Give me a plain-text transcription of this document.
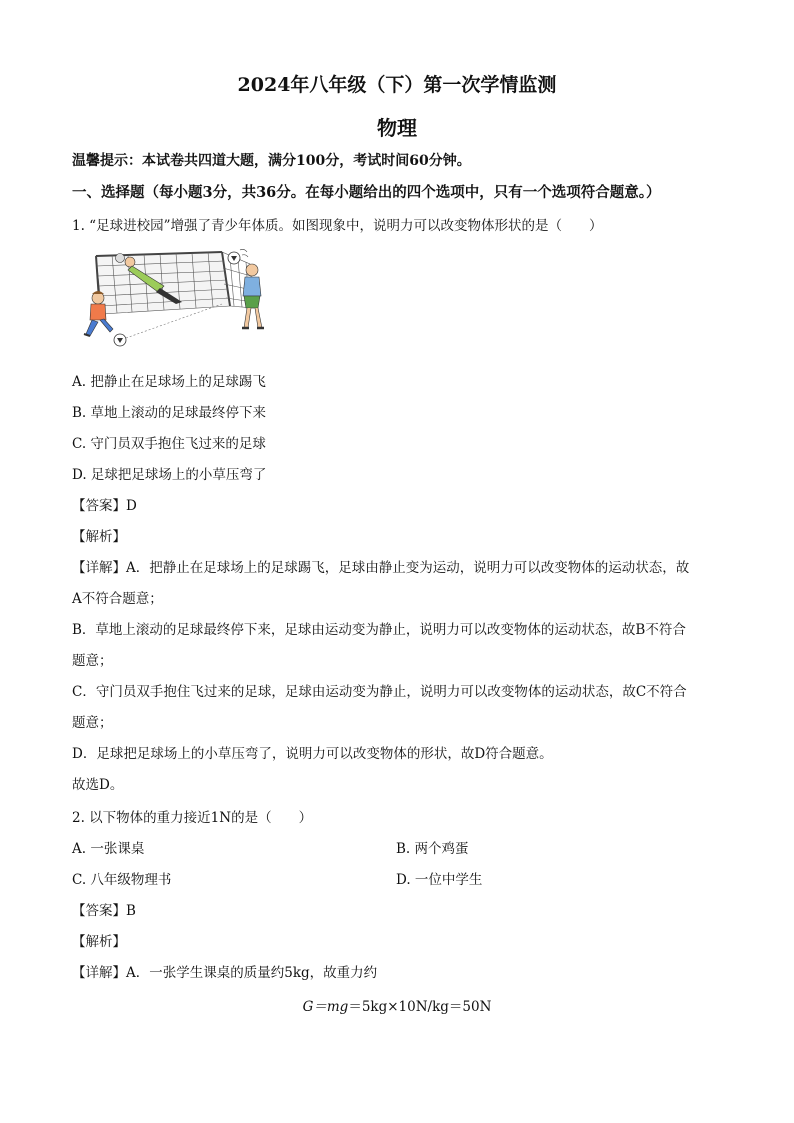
2024年八年级（下）第一次学情监测
物理
温馨提示：本试卷共四道大题，满分100分，考试时间60分钟。
一、选择题（每小题3分，共36分。在每小题给出的四个选项中，只有一个选项符合题意。）
1. “足球进校园”增强了青少年体质。如图现象中，说明力可以改变物体形状的是（　　）
A. 把静止在足球场上的足球踢飞
B. 草地上滚动的足球最终停下来
C. 守门员双手抱住飞过来的足球
D. 足球把足球场上的小草压弯了
【答案】D
【解析】
【详解】A．把静止在足球场上的足球踢飞，足球由静止变为运动，说明力可以改变物体的运动状态，故
A不符合题意；
B．草地上滚动的足球最终停下来，足球由运动变为静止，说明力可以改变物体的运动状态，故B不符合
题意；
C．守门员双手抱住飞过来的足球，足球由运动变为静止，说明力可以改变物体的运动状态，故C不符合
题意；
D．足球把足球场上的小草压弯了，说明力可以改变物体的形状，故D符合题意。
故选D。
2. 以下物体的重力接近1N的是（　　）
A. 一张课桌	B. 两个鸡蛋
C. 八年级物理书	D. 一位中学生
【答案】B
【解析】
【详解】A．一张学生课桌的质量约5kg，故重力约
G＝mg＝5kg×10N/kg＝50N
